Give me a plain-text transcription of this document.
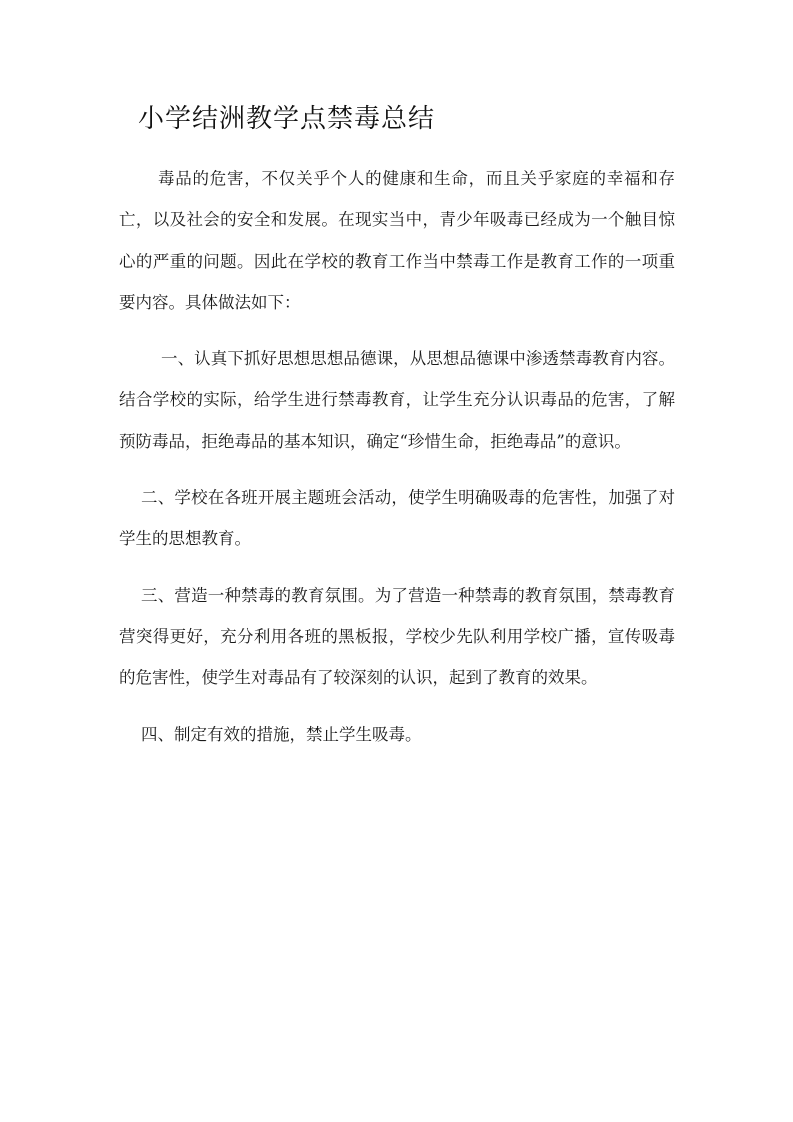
小学结洲教学点禁毒总结

毒品的危害，不仅关乎个人的健康和生命，而且关乎家庭的幸福和存亡，以及社会的安全和发展。在现实当中，青少年吸毒已经成为一个触目惊心的严重的问题。因此在学校的教育工作当中禁毒工作是教育工作的一项重要内容。具体做法如下：

一、认真下抓好思想思想品德课，从思想品德课中渗透禁毒教育内容。结合学校的实际，给学生进行禁毒教育，让学生充分认识毒品的危害，了解预防毒品，拒绝毒品的基本知识，确定“珍惜生命，拒绝毒品”的意识。

二、学校在各班开展主题班会活动，使学生明确吸毒的危害性，加强了对学生的思想教育。

三、营造一种禁毒的教育氛围。为了营造一种禁毒的教育氛围，禁毒教育营突得更好，充分利用各班的黑板报，学校少先队利用学校广播，宣传吸毒的危害性，使学生对毒品有了较深刻的认识，起到了教育的效果。

四、制定有效的措施，禁止学生吸毒。
